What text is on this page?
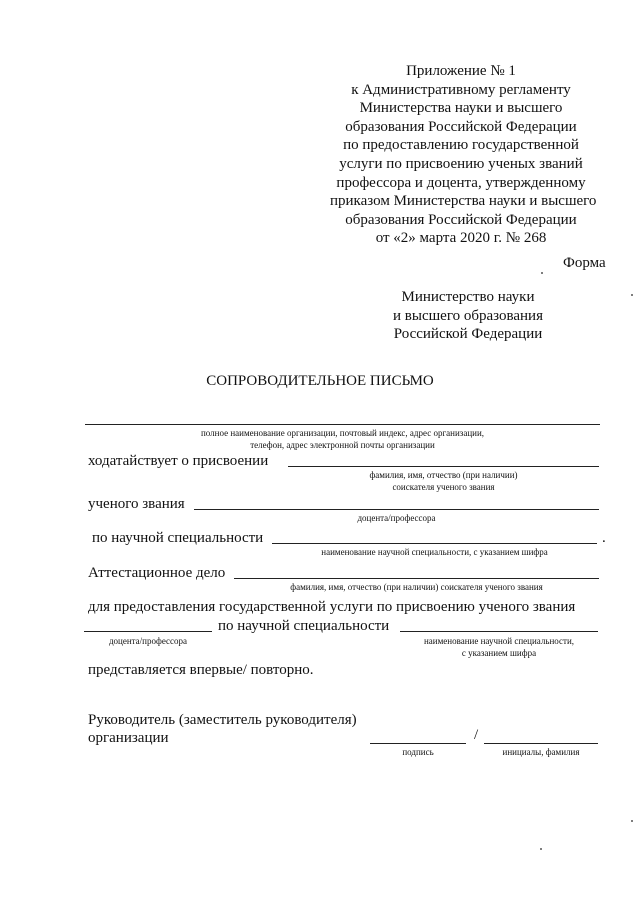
Приложение № 1
к Административному регламенту
Министерства науки и высшего
образования Российской Федерации
по предоставлению государственной
услуги по присвоению ученых званий
профессора и доцента, утвержденному
приказом Министерства науки и высшего
образования Российской Федерации
от «2» марта 2020 г. № 268
Форма
Министерство науки
и высшего образования
Российской Федерации
СОПРОВОДИТЕЛЬНОЕ ПИСЬМО
полное наименование организации, почтовый индекс, адрес организации,
телефон, адрес электронной почты организации
ходатайствует о присвоении
фамилия, имя, отчество (при наличии)
соискателя ученого звания
ученого звания
доцента/профессора
по научной специальности	.
наименование научной специальности, с указанием шифра
Аттестационное дело
фамилия, имя, отчество (при наличии) соискателя ученого звания
для предоставления государственной услуги по присвоению ученого звания
по научной специальности
доцента/профессора	наименование научной специальности,
с указанием шифра
представляется впервые/ повторно.
Руководитель (заместитель руководителя)
организации	/
подпись	инициалы, фамилия
